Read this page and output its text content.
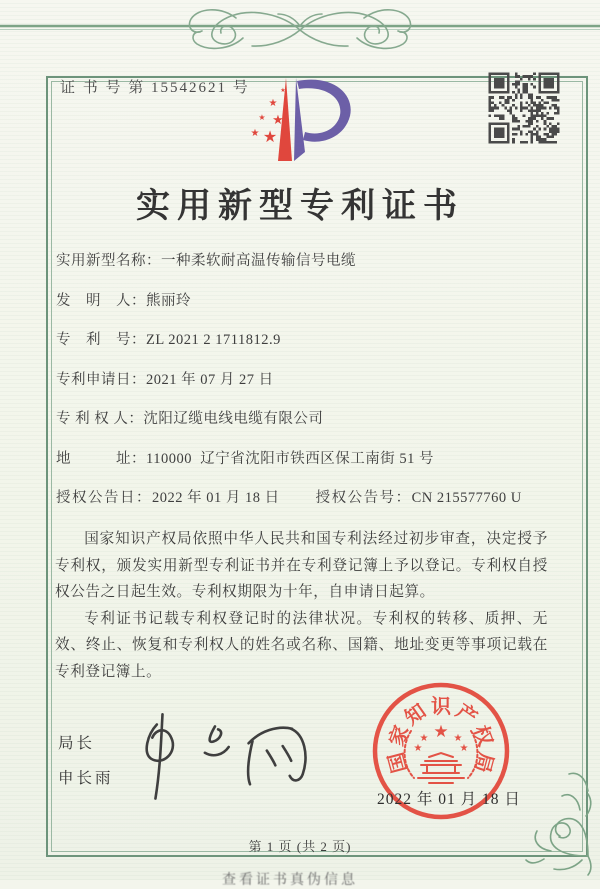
证 书 号 第 15542621 号
★
★ ★
★ ★
★
实用新型专利证书
实用新型名称： 一种柔软耐高温传输信号电缆
发　明　人： 熊丽玲
专　利　号： ZL 2021 2 1711812.9
专利申请日： 2021 年 07 月 27 日
专 利 权 人： 沈阳辽缆电线电缆有限公司
地　　　址： 110000  辽宁省沈阳市铁西区保工南街 51 号
授权公告日： 2022 年 01 月 18 日 授权公告号： CN 215577760 U

国家知识产权局依照中华人民共和国专利法经过初步审查，决定授予专利权，颁发实用新型专利证书并在专利登记簿上予以登记。专利权自授权公告之日起生效。专利权期限为十年，自申请日起算。

专利证书记载专利权登记时的法律状况。专利权的转移、质押、无效、终止、恢复和专利权人的姓名或名称、国籍、地址变更等事项记载在专利登记簿上。

局长
申长雨
国
家
知 识 产
权
局
★
★	★
★	★
2022 年 01 月 18 日
第 1 页 (共 2 页)
查看证书真伪信息
